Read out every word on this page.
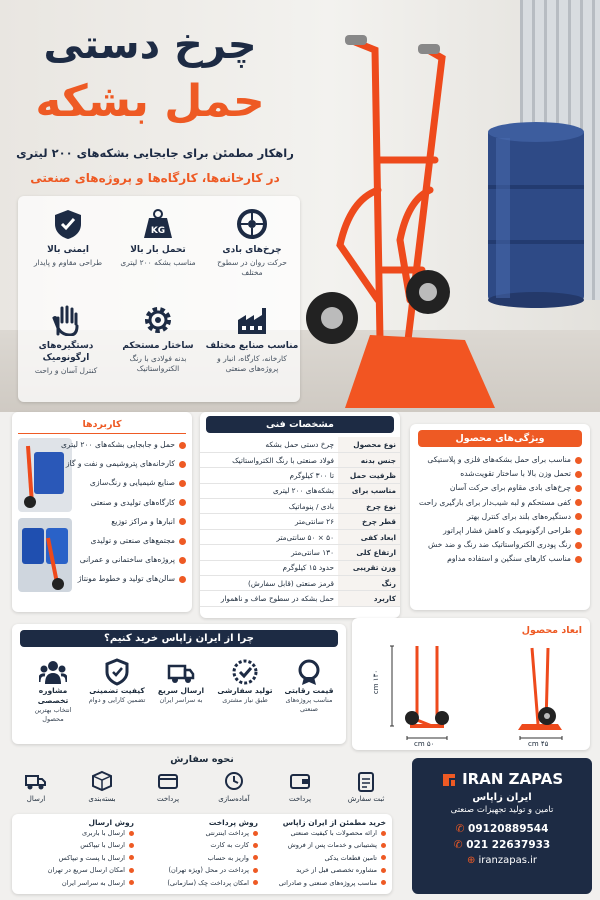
چرخ دستی
حمل بشکه
راهکار مطمئن برای جابجایی بشکه‌های ۲۰۰ لیتری
در کارخانه‌ها، کارگاه‌ها و پروژه‌های صنعتی
چرخ‌های بادی
حرکت روان در سطوح مختلف
KG
تحمل بار بالا
مناسب بشکه ۲۰۰ لیتری
ایمنی بالا
طراحی مقاوم و پایدار
مناسب صنایع مختلف
کارخانه، کارگاه، انبار و پروژه‌های صنعتی
ساختار مستحکم
بدنه فولادی با رنگ الکترواستاتیک
دستگیره‌های ارگونومیک
کنترل آسان و راحت
ویژگی‌های محصول
مناسب برای حمل بشکه‌های فلزی و پلاستیکی
تحمل وزن بالا با ساختار تقویت‌شده
چرخ‌های بادی مقاوم برای حرکت آسان
کفی مستحکم و لبه شیب‌دار برای بارگیری راحت
دستگیره‌های بلند برای کنترل بهتر
طراحی ارگونومیک و کاهش فشار اپراتور
رنگ پودری الکترواستاتیک ضد رنگ و ضد خش
مناسب کارهای سنگین و استفاده مداوم
مشخصات فنی
نوع محصول	چرخ دستی حمل بشکه
جنس بدنه	فولاد صنعتی با رنگ الکترواستاتیک
ظرفیت حمل	تا ۳۰۰ کیلوگرم
مناسب برای	بشکه‌های ۲۰۰ لیتری
نوع چرخ	بادی / پنوماتیک
قطر چرخ	۲۶ سانتی‌متر
ابعاد کفی	۵۰ × ۵۰ سانتی‌متر
ارتفاع کلی	۱۳۰ سانتی‌متر
وزن تقریبی	حدود ۱۵ کیلوگرم
رنگ	قرمز صنعتی (قابل سفارش)
کاربرد	حمل بشکه در سطوح صاف و ناهموار
کاربردها
حمل و جابجایی بشکه‌های ۲۰۰ لیتری
کارخانه‌های پتروشیمی و نفت و گاز
صنایع شیمیایی و رنگ‌سازی
کارگاه‌های تولیدی و صنعتی
انبارها و مراکز توزیع
مجتمع‌های صنعتی و تولیدی
پروژه‌های ساختمانی و عمرانی
سالن‌های تولید و خطوط مونتاژ
ابعاد محصول
۱۳۰ cm
۵۰ cm	۴۵ cm
چرا از ایران زاپاس خرید کنیم؟
قیمت رقابتی
مناسب پروژه‌های صنعتی
تولید سفارشی
طبق نیاز مشتری
ارسال سریع
به سراسر ایران
کیفیت تضمینی
تضمین کارایی و دوام
مشاوره تخصصی
انتخاب بهترین محصول
نحوه سفارش
ثبت سفارش
پرداخت
آماده‌سازی
پرداخت
بسته‌بندی
ارسال
خرید مطمئن از ایران زاپاس
ارائه محصولات با کیفیت صنعتی
پشتیبانی و خدمات پس از فروش
تامین قطعات یدکی
مشاوره تخصصی قبل از خرید
مناسب پروژه‌های صنعتی و صادراتی
روش پرداخت
پرداخت اینترنتی
کارت به کارت
واریز به حساب
پرداخت در محل (ویژه تهران)
امکان پرداخت چک (سازمانی)
روش ارسال
ارسال با باربری
ارسال با تیپاکس
ارسال با پست و تیپاکس
امکان ارسال سریع در تهران
ارسال به سراسر ایران
IRAN ZAPAS
ایران زاپاس
تامین و تولید تجهیزات صنعتی
✆ 09120889544
✆ 021 22637933
⊕ iranzapas.ir
